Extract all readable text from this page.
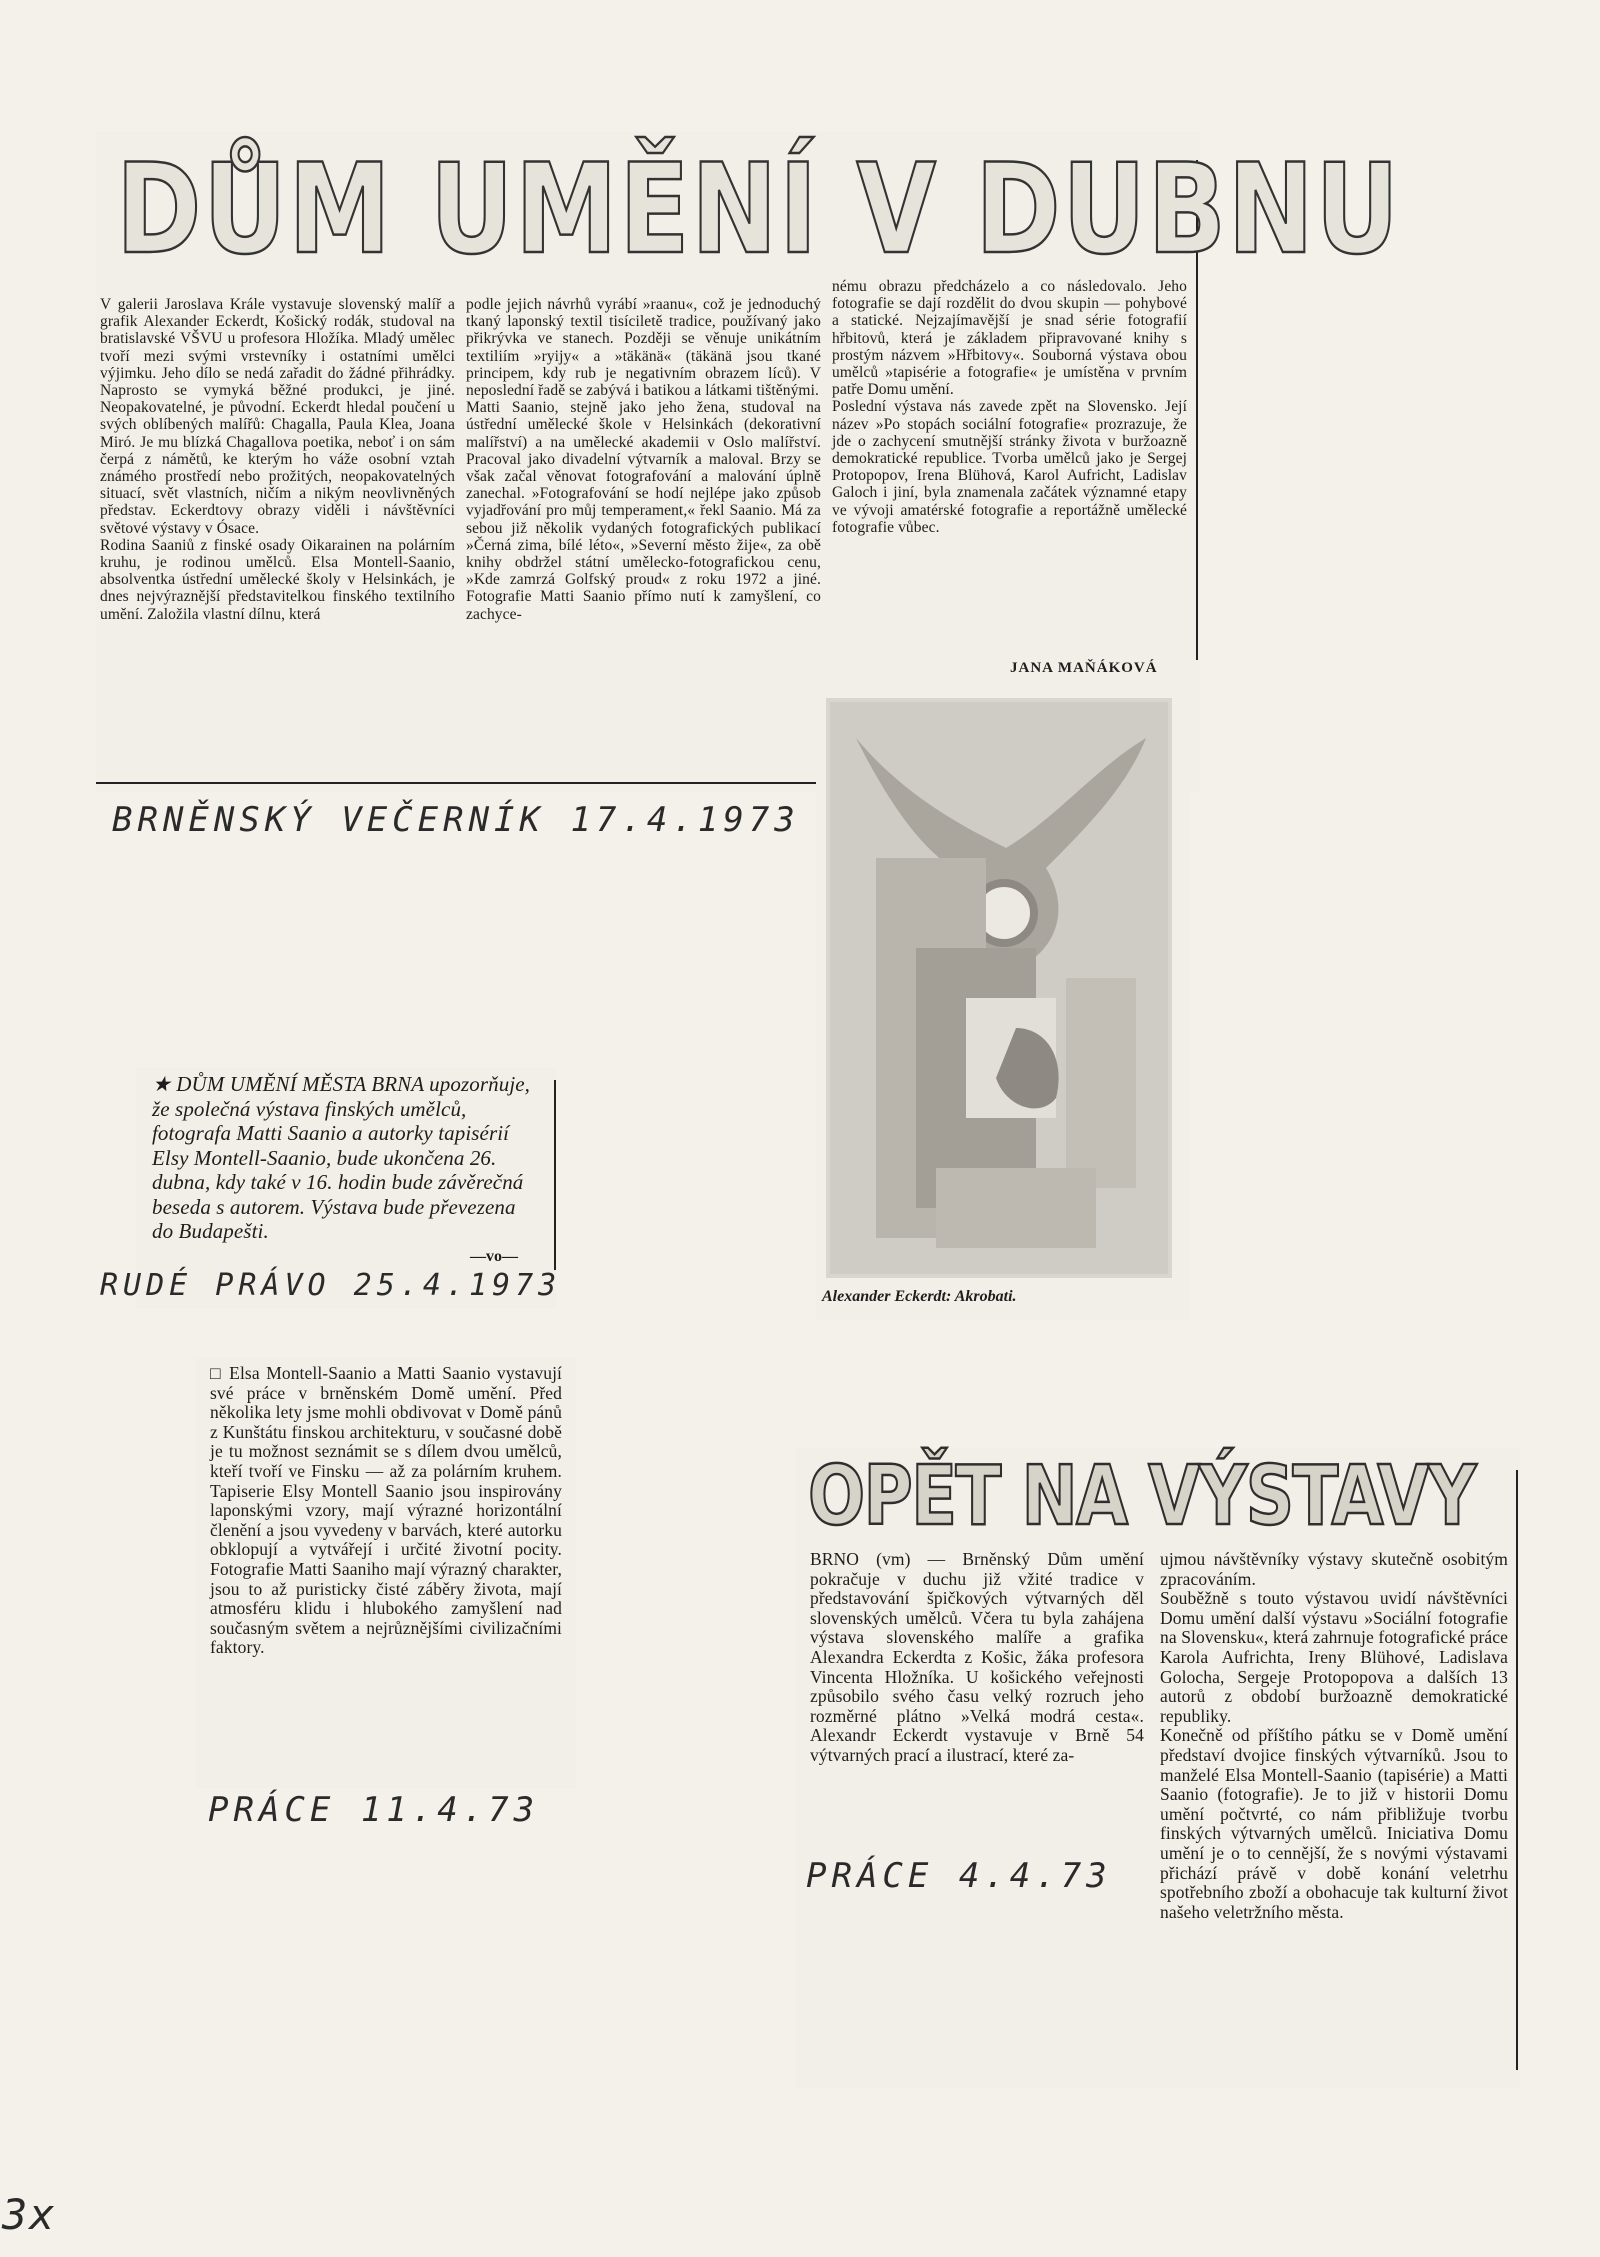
DŮM UMĚNÍ V DUBNU
V galerii Jaroslava Krále vystavuje slovenský malíř a grafik Alexander Eckerdt, Košický rodák, studoval na bratislavské VŠVU u profesora Hložíka. Mladý umělec tvoří mezi svými vrstevníky i ostatními umělci výjimku. Jeho dílo se nedá zařadit do žádné přihrádky. Naprosto se vymyká běžné produkci, je jiné. Neopakovatelné, je původní. Eckerdt hledal poučení u svých oblíbených malířů: Chagalla, Paula Klea, Joana Miró. Je mu blízká Chagallova poetika, neboť i on sám čerpá z námětů, ke kterým ho váže osobní vztah známého prostředí nebo prožitých, neopakovatelných situací, svět vlastních, ničím a nikým neovlivněných představ. Eckerdtovy obrazy viděli i návštěvníci světové výstavy v Ósace.
Rodina Saaniů z finské osady Oikarainen na polárním kruhu, je rodinou umělců. Elsa Montell-Saanio, absolventka ústřední umělecké školy v Helsinkách, je dnes nejvýraznější představitelkou finského textilního umění. Založila vlastní dílnu, která
podle jejich návrhů vyrábí »raanu«, což je jednoduchý tkaný laponský textil tisíciletě tradice, používaný jako přikrývka ve stanech. Později se věnuje unikátním textiliím »ryijy« a »täkänä« (täkänä jsou tkané principem, kdy rub je negativním obrazem líců). V neposlední řadě se zabývá i batikou a látkami tištěnými.
Matti Saanio, stejně jako jeho žena, studoval na ústřední umělecké škole v Helsinkách (dekorativní malířství) a na umělecké akademii v Oslo malířství. Pracoval jako divadelní výtvarník a maloval. Brzy se však začal věnovat fotografování a malování úplně zanechal. »Fotografování se hodí nejlépe jako způsob vyjadřování pro můj temperament,« řekl Saanio. Má za sebou již několik vydaných fotografických publikací »Černá zima, bílé léto«, »Severní město žije«, za obě knihy obdržel státní umělecko-fotografickou cenu, »Kde zamrzá Golfský proud« z roku 1972 a jiné. Fotografie Matti Saanio přímo nutí k zamyšlení, co zachyce-
nému obrazu předcházelo a co následovalo. Jeho fotografie se dají rozdělit do dvou skupin — pohybové a statické. Nejzajímavější je snad série fotografií hřbitovů, která je základem připravované knihy s prostým názvem »Hřbitovy«. Souborná výstava obou umělců »tapisérie a fotografie« je umístěna v prvním patře Domu umění.
Poslední výstava nás zavede zpět na Slovensko. Její název »Po stopách sociální fotografie« prozrazuje, že jde o zachycení smutnější stránky života v buržoazně demokratické republice. Tvorba umělců jako je Sergej Protopopov, Irena Blühová, Karol Aufricht, Ladislav Galoch i jiní, byla znamenala začátek významné etapy ve vývoji amatérské fotografie a reportážně umělecké fotografie vůbec.
JANA MAŇÁKOVÁ
BRNĚNSKÝ VEČERNÍK 17.4.1973
Alexander Eckerdt: Akrobati.
★ DŮM UMĚNÍ MĚSTA BRNA upozorňuje, že společná výstava finských umělců, fotografa Matti Saanio a autorky tapisérií Elsy Montell-Saanio, bude ukončena 26. dubna, kdy také v 16. hodin bude závěrečná beseda s autorem. Výstava bude převezena do Budapešti.
—vo—
RUDÉ PRÁVO 25.4.1973
□ Elsa Montell-Saanio a Matti Saanio vystavují své práce v brněnském Domě umění. Před několika lety jsme mohli obdivovat v Domě pánů z Kunštátu finskou architekturu, v současné době je tu možnost seznámit se s dílem dvou umělců, kteří tvoří ve Finsku — až za polárním kruhem. Tapiserie Elsy Montell Saanio jsou inspirovány laponskými vzory, mají výrazné horizontální členění a jsou vyvedeny v barvách, které autorku obklopují a vytvářejí i určité životní pocity. Fotografie Matti Saaniho mají výrazný charakter, jsou to až puristicky čisté záběry života, mají atmosféru klidu i hlubokého zamyšlení nad současným světem a nejrůznějšími civilizačními faktory.
PRÁCE 11.4.73
OPĚT NA VÝSTAVY
BRNO (vm) — Brněnský Dům umění pokračuje v duchu již vžité tradice v představování špičkových výtvarných děl slovenských umělců. Včera tu byla zahájena výstava slovenského malíře a grafika Alexandra Eckerdta z Košic, žáka profesora Vincenta Hložníka. U košického veřejnosti způsobilo svého času velký rozruch jeho rozměrné plátno »Velká modrá cesta«. Alexandr Eckerdt vystavuje v Brně 54 výtvarných prací a ilustrací, které za-
ujmou návštěvníky výstavy skutečně osobitým zpracováním.
Souběžně s touto výstavou uvidí návštěvníci Domu umění další výstavu »Sociální fotografie na Slovensku«, která zahrnuje fotografické práce Karola Aufrichta, Ireny Blühové, Ladislava Golocha, Sergeje Protopopova a dalších 13 autorů z období buržoazně demokratické republiky.
Konečně od příštího pátku se v Domě umění představí dvojice finských výtvarníků. Jsou to manželé Elsa Montell-Saanio (tapisérie) a Matti Saanio (fotografie). Je to již v historii Domu umění počtvrté, co nám přibližuje tvorbu finských výtvarných umělců. Iniciativa Domu umění je o to cennější, že s novými výstavami přichází právě v době konání veletrhu spotřebního zboží a obohacuje tak kulturní život našeho veletržního města.
PRÁCE 4.4.73
3x
